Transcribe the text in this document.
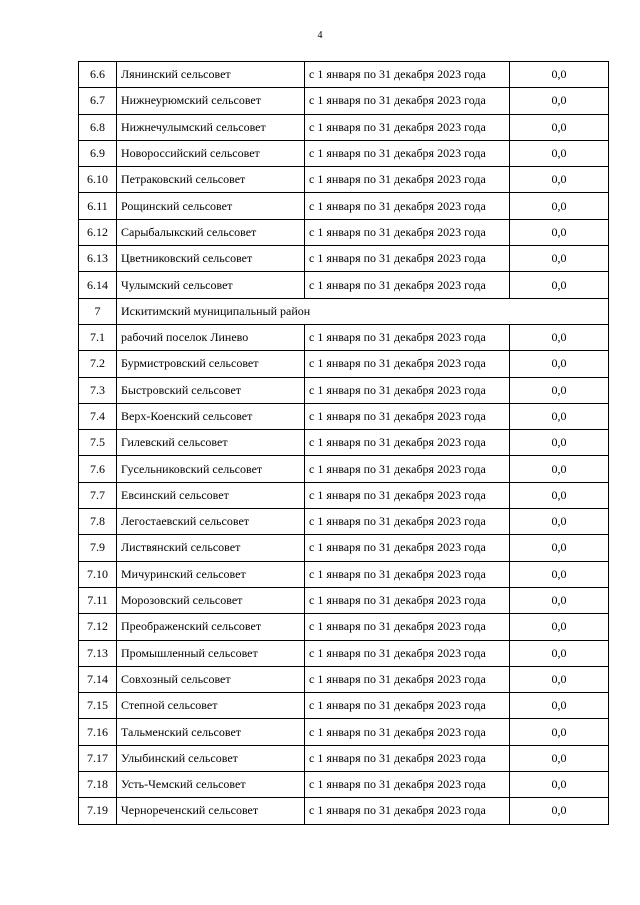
4
6.6	Лянинский сельсовет	с 1 января по 31 декабря 2023 года	0,0
6.7	Нижнеурюмский сельсовет	с 1 января по 31 декабря 2023 года	0,0
6.8	Нижнечулымский сельсовет	с 1 января по 31 декабря 2023 года	0,0
6.9	Новороссийский сельсовет	с 1 января по 31 декабря 2023 года	0,0
6.10	Петраковский сельсовет	с 1 января по 31 декабря 2023 года	0,0
6.11	Рощинский сельсовет	с 1 января по 31 декабря 2023 года	0,0
6.12	Сарыбалыкский сельсовет	с 1 января по 31 декабря 2023 года	0,0
6.13	Цветниковский сельсовет	с 1 января по 31 декабря 2023 года	0,0
6.14	Чулымский сельсовет	с 1 января по 31 декабря 2023 года	0,0
7	Искитимский муниципальный район		
7.1	рабочий поселок Линево	с 1 января по 31 декабря 2023 года	0,0
7.2	Бурмистровский сельсовет	с 1 января по 31 декабря 2023 года	0,0
7.3	Быстровский сельсовет	с 1 января по 31 декабря 2023 года	0,0
7.4	Верх-Коенский сельсовет	с 1 января по 31 декабря 2023 года	0,0
7.5	Гилевский сельсовет	с 1 января по 31 декабря 2023 года	0,0
7.6	Гусельниковский сельсовет	с 1 января по 31 декабря 2023 года	0,0
7.7	Евсинский сельсовет	с 1 января по 31 декабря 2023 года	0,0
7.8	Легостаевский сельсовет	с 1 января по 31 декабря 2023 года	0,0
7.9	Листвянский сельсовет	с 1 января по 31 декабря 2023 года	0,0
7.10	Мичуринский сельсовет	с 1 января по 31 декабря 2023 года	0,0
7.11	Морозовский сельсовет	с 1 января по 31 декабря 2023 года	0,0
7.12	Преображенский сельсовет	с 1 января по 31 декабря 2023 года	0,0
7.13	Промышленный сельсовет	с 1 января по 31 декабря 2023 года	0,0
7.14	Совхозный сельсовет	с 1 января по 31 декабря 2023 года	0,0
7.15	Степной сельсовет	с 1 января по 31 декабря 2023 года	0,0
7.16	Тальменский сельсовет	с 1 января по 31 декабря 2023 года	0,0
7.17	Улыбинский сельсовет	с 1 января по 31 декабря 2023 года	0,0
7.18	Усть-Чемский сельсовет	с 1 января по 31 декабря 2023 года	0,0
7.19	Чернореченский сельсовет	с 1 января по 31 декабря 2023 года	0,0
